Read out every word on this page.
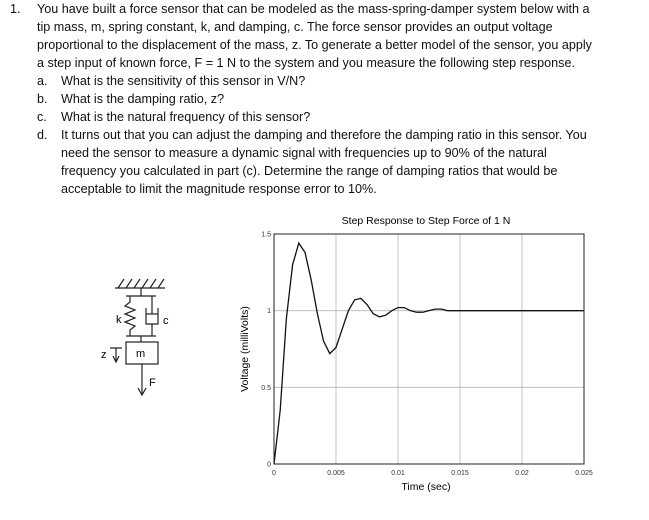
1. You have built a force sensor that can be modeled as the mass-spring-damper system below with a
tip mass, m, spring constant, k, and damping, c. The force sensor provides an output voltage
proportional to the displacement of the mass, z. To generate a better model of the sensor, you apply
a step input of known force, F = 1 N to the system and you measure the following step response.
a. What is the sensitivity of this sensor in V/N?
b. What is the damping ratio, z?
c. What is the natural frequency of this sensor?
d. It turns out that you can adjust the damping and therefore the damping ratio in this sensor. You
need the sensor to measure a dynamic signal with frequencies up to 90% of the natural
frequency you calculated in part (c). Determine the range of damping ratios that would be
acceptable to limit the magnitude response error to 10%.
k	c
m
z
F
Step Response to Step Force of 1 N
Time (sec)
Voltage (milliVolts)
0	0.005	0.01	0.015	0.02	0.025
0
0.5
1
1.5
